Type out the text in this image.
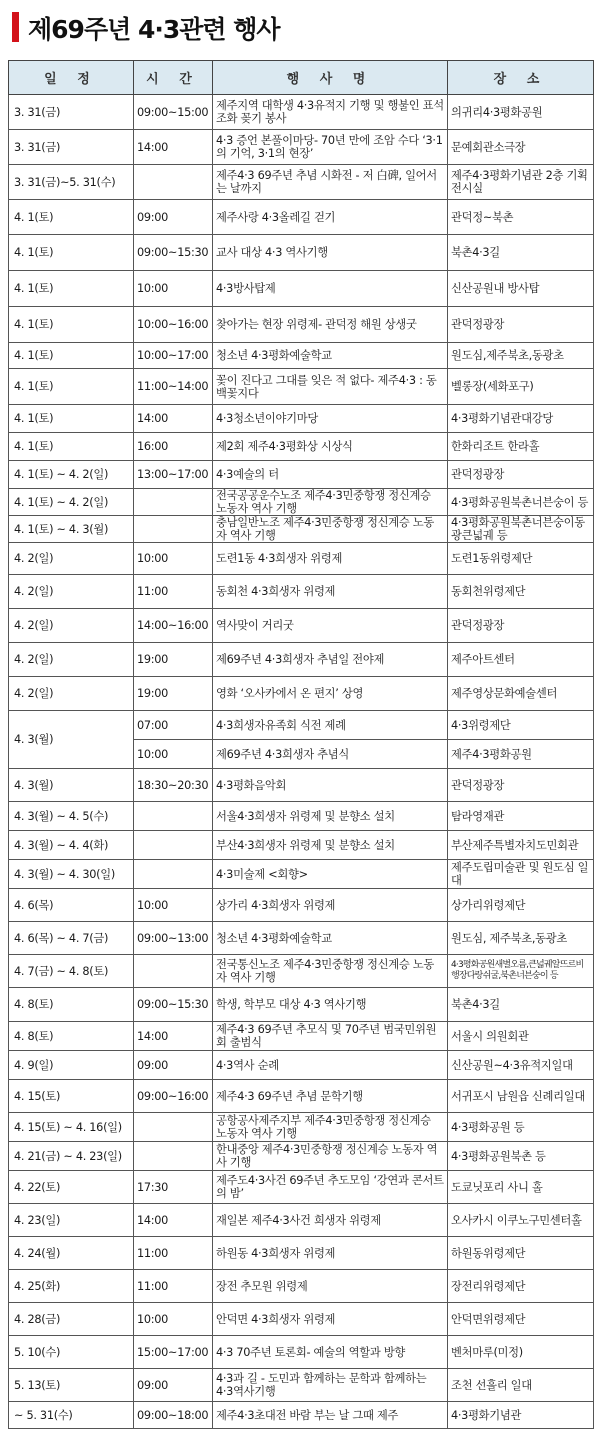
제69주년 4·3관련 행사
일 정	시 간	행 사 명	장 소
3. 31(금)	09:00~15:00	제주지역 대학생 4·3유적지 기행 및 행불인 표석 조화 꽂기 봉사	의귀리4·3평화공원
3. 31(금)	14:00	4·3 증언 본풀이마당- 70년 만에 조암 수다 ‘3·1의 기억, 3·1의 현장’	문예회관소극장
3. 31(금)~5. 31(수)		제주4·3 69주년 추념 시화전 - 저 白碑, 일어서는 날까지	제주4·3평화기념관 2층 기획전시실
4. 1(토)	09:00	제주사랑 4·3올레길 걷기	관덕정~북촌
4. 1(토)	09:00~15:30	교사 대상 4·3 역사기행	북촌4·3길
4. 1(토)	10:00	4·3방사탑제	신산공원내 방사탑
4. 1(토)	10:00~16:00	찾아가는 현장 위령제- 관덕정 해원 상생굿	관덕정광장
4. 1(토)	10:00~17:00	청소년 4·3평화예술학교	원도심,제주북초,동광초
4. 1(토)	11:00~14:00	꽃이 진다고 그대를 잊은 적 없다- 제주4·3 : 동백꽃지다	벨롱장(세화포구)
4. 1(토)	14:00	4·3청소년이야기마당	4·3평화기념관대강당
4. 1(토)	16:00	제2회 제주4·3평화상 시상식	한화리조트 한라홀
4. 1(토) ~ 4. 2(일)	13:00~17:00	4·3예술의 터	관덕정광장
4. 1(토) ~ 4. 2(일)		전국공공운수노조 제주4·3민중항쟁 정신계승 노동자 역사 기행	4·3평화공원북촌너븐숭이 등
4. 1(토) ~ 4. 3(월)		충남일반노조 제주4·3민중항쟁 정신계승 노동자 역사 기행	4·3평화공원북촌너븐숭이동광큰넓궤 등
4. 2(일)	10:00	도련1동 4·3희생자 위령제	도련1동위령제단
4. 2(일)	11:00	동회천 4·3희생자 위령제	동회천위령제단
4. 2(일)	14:00~16:00	역사맞이 거리굿	관덕정광장
4. 2(일)	19:00	제69주년 4·3희생자 추념일 전야제	제주아트센터
4. 2(일)	19:00	영화 ‘오사카에서 온 편지’ 상영	제주영상문화예술센터
4. 3(월)	07:00	4·3희생자유족회 식전 제례	4·3위령제단
	10:00	제69주년 4·3희생자 추념식	제주4·3평화공원
4. 3(월)	18:30~20:30	4·3평화음악회	관덕정광장
4. 3(월) ~ 4. 5(수)		서울4·3희생자 위령제 및 분향소 설치	탐라영재관
4. 3(월) ~ 4. 4(화)		부산4·3희생자 위령제 및 분향소 설치	부산제주특별자치도민회관
4. 3(월) ~ 4. 30(일)		4·3미술제 <회향>	제주도립미술관 및 원도심 일대
4. 6(목)	10:00	상가리 4·3희생자 위령제	상가리위령제단
4. 6(목) ~ 4. 7(금)	09:00~13:00	청소년 4·3평화예술학교	원도심, 제주북초,동광초
4. 7(금) ~ 4. 8(토)		전국통신노조 제주4·3민중항쟁 정신계승 노동자 역사 기행	4·3평화공원새별오름,큰넓궤알뜨르비행장다랑쉬굴,북촌너븐숭이 등
4. 8(토)	09:00~15:30	학생, 학부모 대상 4·3 역사기행	북촌4·3길
4. 8(토)	14:00	제주4·3 69주년 추모식 및 70주년 범국민위원회 출범식	서울시 의원회관
4. 9(일)	09:00	4·3역사 순례	신산공원~4·3유적지일대
4. 15(토)	09:00~16:00	제주4·3 69주년 추념 문학기행	서귀포시 남원읍 신례리일대
4. 15(토) ~ 4. 16(일)		공항공사제주지부 제주4·3민중항쟁 정신계승 노동자 역사 기행	4·3평화공원 등
4. 21(금) ~ 4. 23(일)		한내중앙 제주4·3민중항쟁 정신계승 노동자 역사 기행	4·3평화공원북촌 등
4. 22(토)	17:30	제주도4·3사건 69주년 추도모임 ‘강연과 콘서트의 밤’	도쿄닛포리 사니 홀
4. 23(일)	14:00	재일본 제주4·3사건 희생자 위령제	오사카시 이쿠노구민센터홀
4. 24(월)	11:00	하원동 4·3희생자 위령제	하원동위령제단
4. 25(화)	11:00	장전 추모원 위령제	장전리위령제단
4. 28(금)	10:00	안덕면 4·3희생자 위령제	안덕면위령제단
5. 10(수)	15:00~17:00	4·3 70주년 토론회- 예술의 역할과 방향	벤처마루(미정)
5. 13(토)	09:00	4·3과 길 - 도민과 함께하는 문학과 함께하는 4·3역사기행	조천 선흘리 일대
~ 5. 31(수)	09:00~18:00	제주4·3초대전 바람 부는 날 그때 제주	4·3평화기념관
